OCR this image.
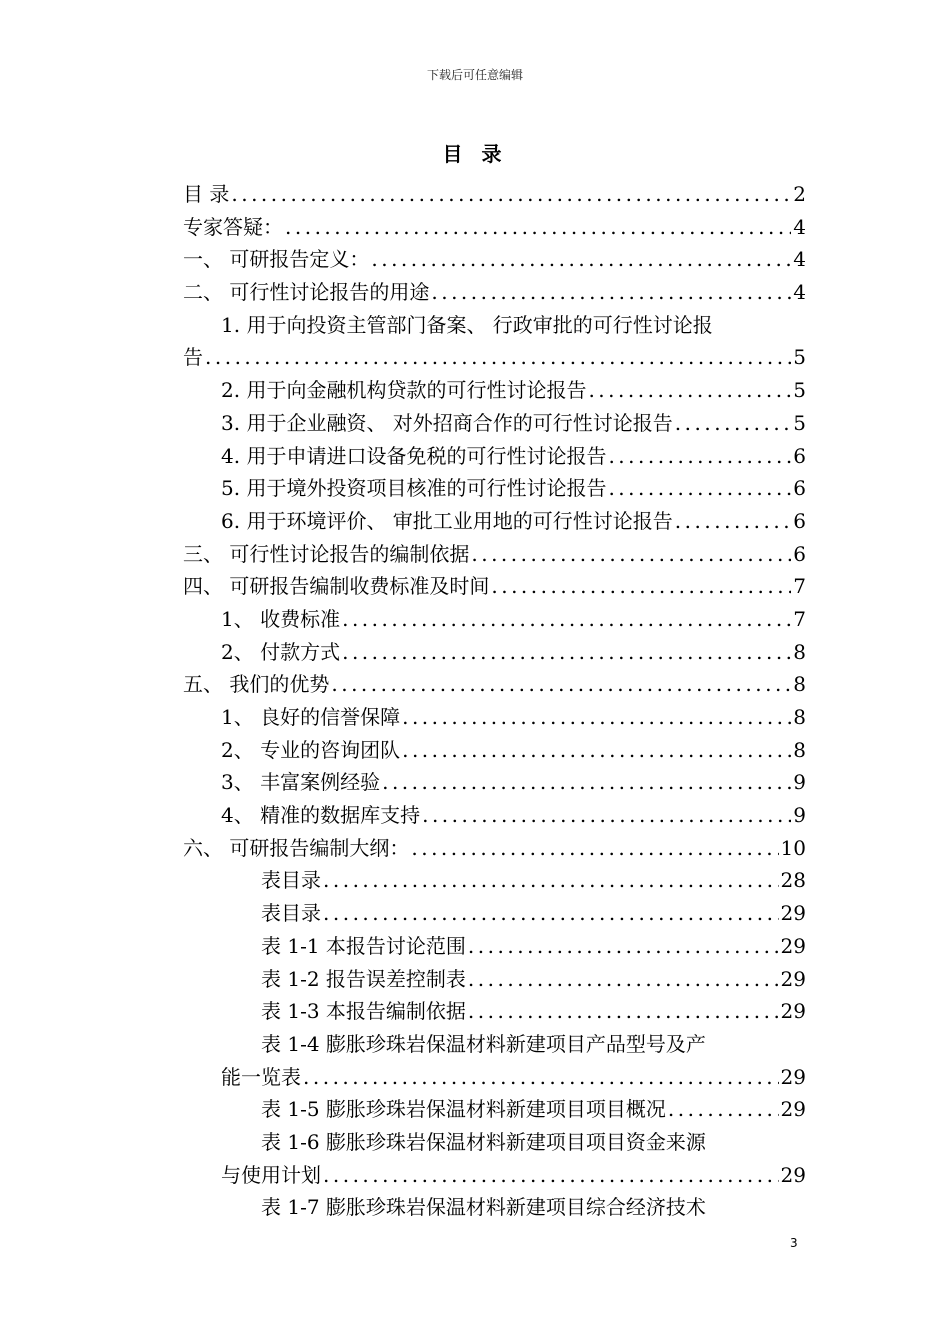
下载后可任意编辑
目 录
目 录 .....	2
专家答疑： .....	4
一、 可研报告定义： .....	4
二、 可行性讨论报告的用途 .....	4
1. 用于向投资主管部门备案、 行政审批的可行性讨论报
告 .....	5
2. 用于向金融机构贷款的可行性讨论报告 .....	5
3. 用于企业融资、 对外招商合作的可行性讨论报告 .....	5
4. 用于申请进口设备免税的可行性讨论报告 .....	6
5. 用于境外投资项目核准的可行性讨论报告 .....	6
6. 用于环境评价、 审批工业用地的可行性讨论报告 .....	6
三、 可行性讨论报告的编制依据 .....	6
四、 可研报告编制收费标准及时间 .....	7
1、 收费标准 .....	7
2、 付款方式 .....	8
五、 我们的优势 .....	8
1、 良好的信誉保障 .....	8
2、 专业的咨询团队 .....	8
3、 丰富案例经验 .....	9
4、 精准的数据库支持 .....	9
六、 可研报告编制大纲： .....	10
表目录 .....	28
表目录 .....	29
表 1-1 本报告讨论范围 .....	29
表 1-2 报告误差控制表 .....	29
表 1-3 本报告编制依据 .....	29
表 1-4 膨胀珍珠岩保温材料新建项目产品型号及产
能一览表 .....	29
表 1-5 膨胀珍珠岩保温材料新建项目项目概况 .....	29
表 1-6 膨胀珍珠岩保温材料新建项目项目资金来源
与使用计划 .....	29
表 1-7 膨胀珍珠岩保温材料新建项目综合经济技术
3
